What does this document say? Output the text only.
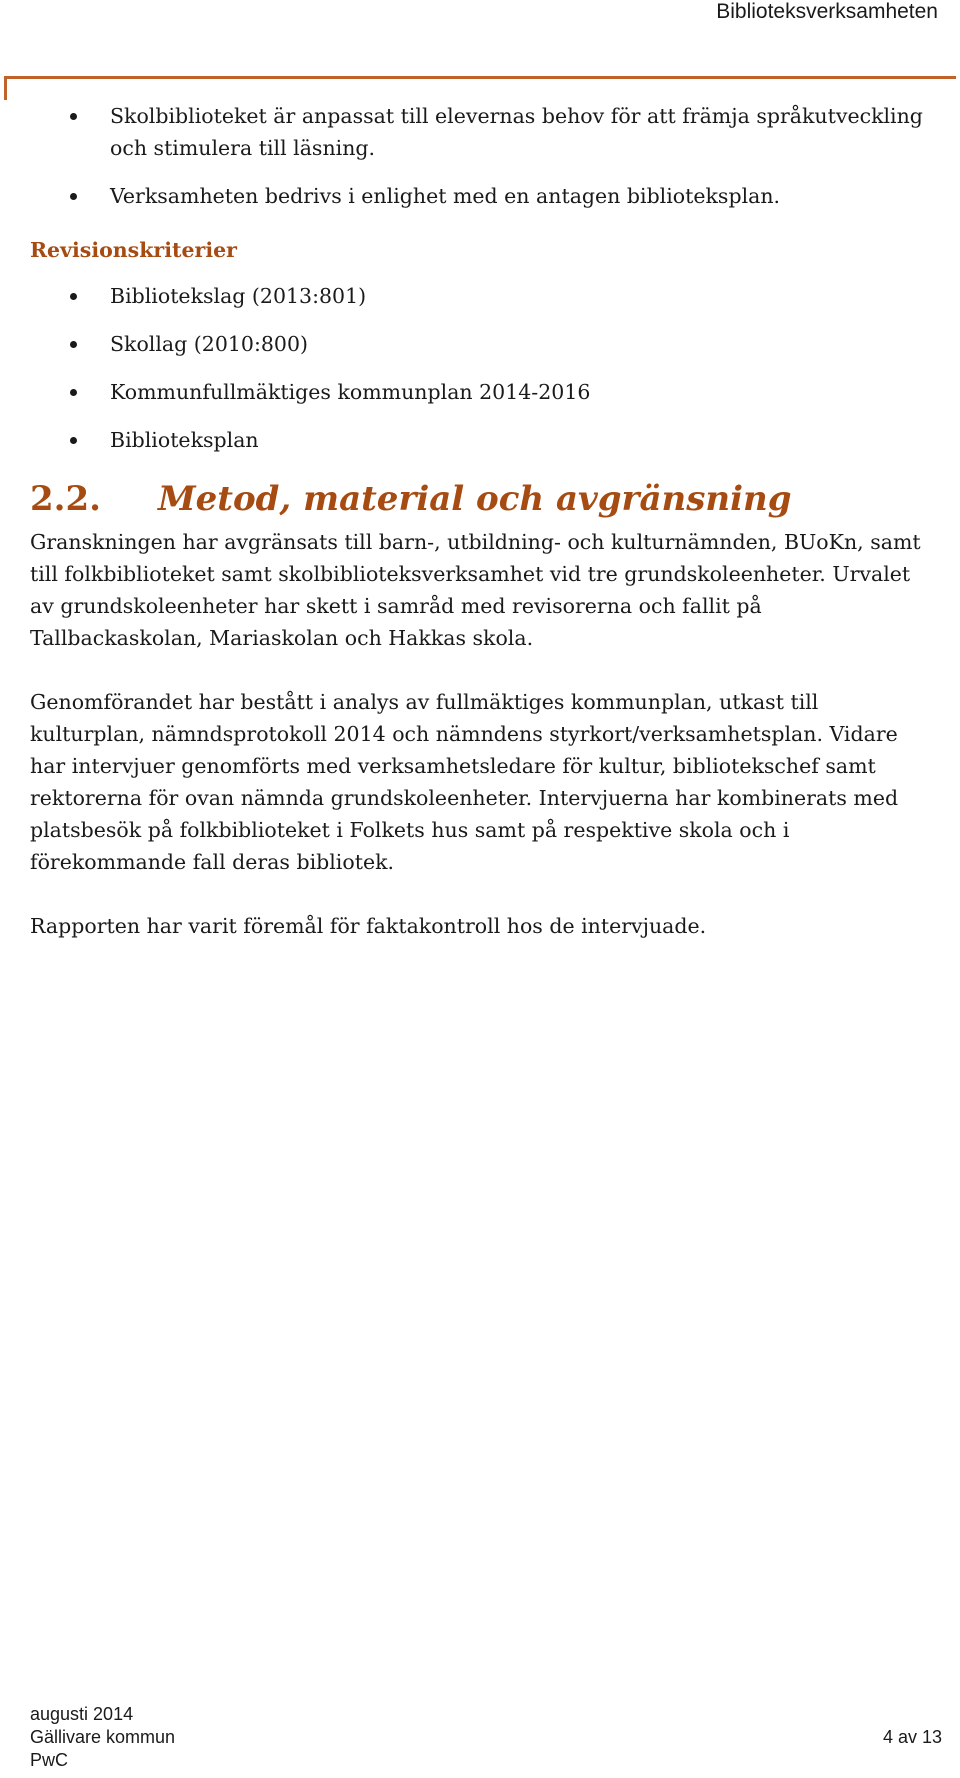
Biblioteksverksamheten
Skolbiblioteket är anpassat till elevernas behov för att främja språkutveckling och stimulera till läsning.
Verksamheten bedrivs i enlighet med en antagen biblioteksplan.
Revisionskriterier
Bibliotekslag (2013:801)
Skollag (2010:800)
Kommunfullmäktiges kommunplan 2014-2016
Biblioteksplan
2.2.	Metod, material och avgränsning

Granskningen har avgränsats till barn-, utbildning- och kulturnämnden, BUoKn, samt till folkbiblioteket samt skolbiblioteksverksamhet vid tre grundskoleenheter. Urvalet av grundskoleenheter har skett i samråd med revisorerna och fallit på Tallbackaskolan, Mariaskolan och Hakkas skola.

Genomförandet har bestått i analys av fullmäktiges kommunplan, utkast till kulturplan, nämndsprotokoll 2014 och nämndens styrkort/verksamhetsplan. Vidare har intervjuer genomförts med verksamhetsledare för kultur, bibliotekschef samt rektorerna för ovan nämnda grundskoleenheter. Intervjuerna har kombinerats med platsbesök på folkbiblioteket i Folkets hus samt på respektive skola och i förekommande fall deras bibliotek.

Rapporten har varit föremål för faktakontroll hos de intervjuade.

augusti 2014
Gällivare kommun	4 av 13
PwC
